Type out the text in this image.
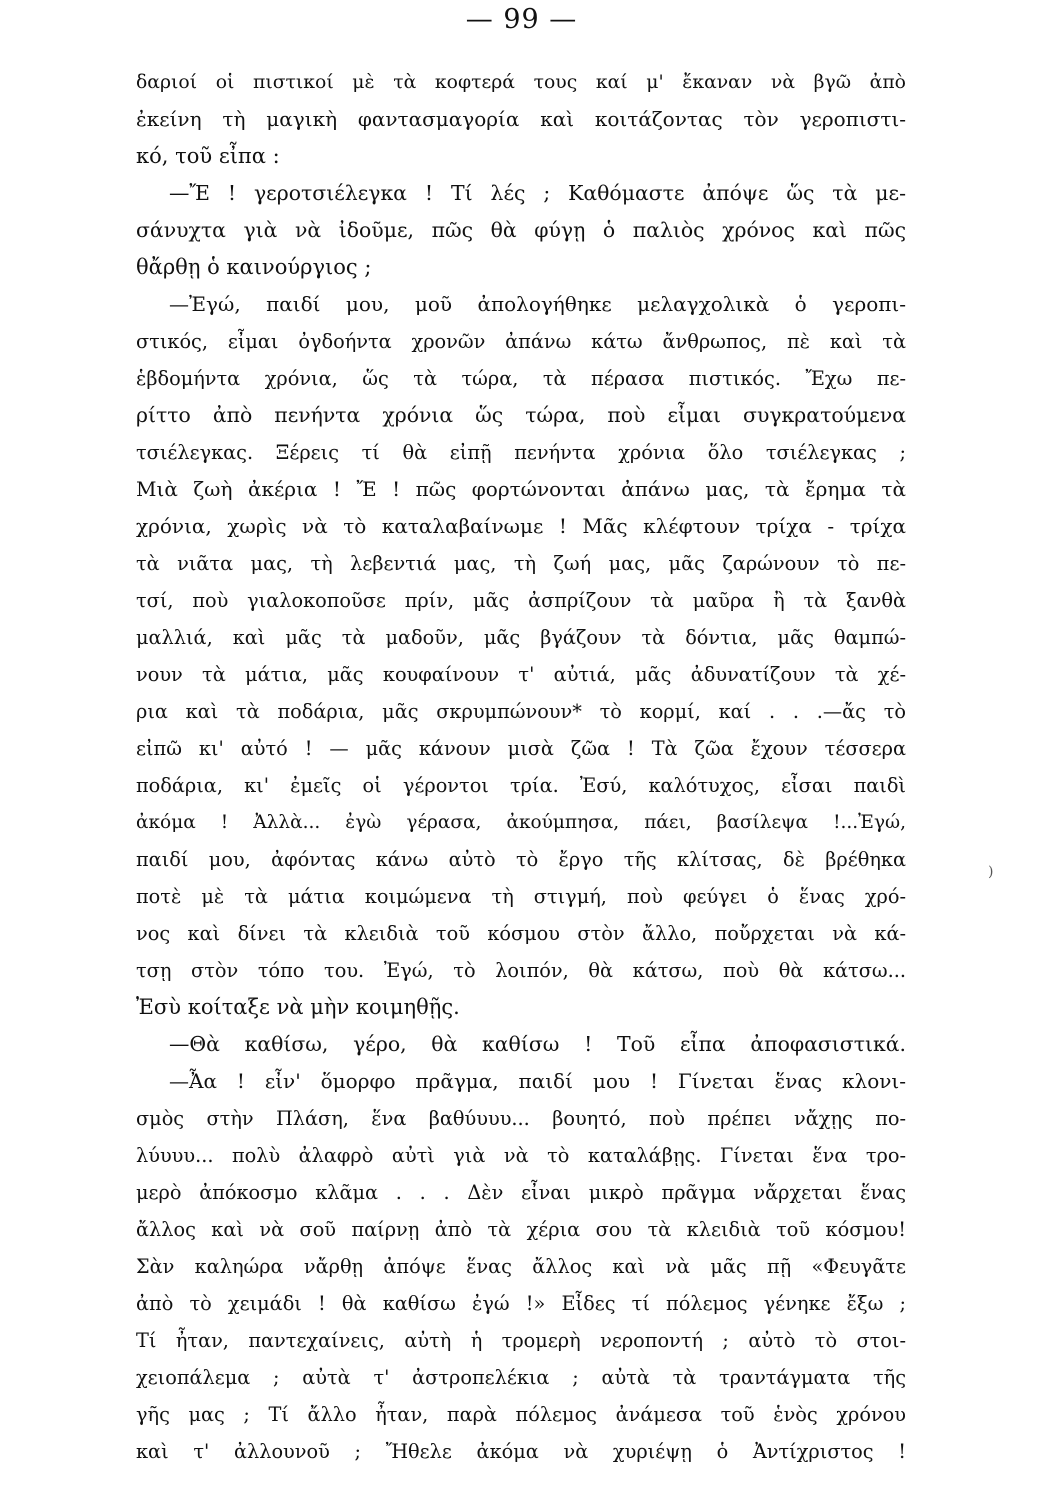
— 99 —
δαριοί οἱ πιστικοί μὲ τὰ κοφτερά τους καί μ' ἔκαναν νὰ βγῶ ἀπὸ
ἐκείνη τὴ μαγικὴ φαντασμαγορία καὶ κοιτάζοντας τὸν γεροπιστι-
κό, τοῦ εἶπα :
—Ἔ ! γεροτσιέλεγκα ! Τί λές ; Καθόμαστε ἀπόψε ὥς τὰ με-
σάνυχτα γιὰ νὰ ἰδοῦμε, πῶς θὰ φύγῃ ὁ παλιὸς χρόνος καὶ πῶς
θἄρθῃ ὁ καινούργιος ;
—Ἐγώ, παιδί μου, μοῦ ἀπολογήθηκε μελαγχολικὰ ὁ γεροπι-
στικός, εἶμαι ὀγδοήντα χρονῶν ἀπάνω κάτω ἄνθρωπος, πὲ καὶ τὰ
ἑβδομήντα χρόνια, ὥς τὰ τώρα, τὰ πέρασα πιστικός. Ἔχω πε-
ρίττο ἀπὸ πενήντα χρόνια ὥς τώρα, ποὺ εἶμαι συγκρατούμενα
τσιέλεγκας. Ξέρεις τί θὰ εἰπῇ πενήντα χρόνια ὅλο τσιέλεγκας ;
Μιὰ ζωὴ ἀκέρια ! Ἔ ! πῶς φορτώνονται ἀπάνω μας, τὰ ἔρημα τὰ
χρόνια, χωρὶς νὰ τὸ καταλαβαίνωμε ! Μᾶς κλέφτουν τρίχα - τρίχα
τὰ νιᾶτα μας, τὴ λεβεντιά μας, τὴ ζωή μας, μᾶς ζαρώνουν τὸ πε-
τσί, ποὺ γιαλοκοποῦσε πρίν, μᾶς ἀσπρίζουν τὰ μαῦρα ἢ τὰ ξανθὰ
μαλλιά, καὶ μᾶς τὰ μαδοῦν, μᾶς βγάζουν τὰ δόντια, μᾶς θαμπώ-
νουν τὰ μάτια, μᾶς κουφαίνουν τ' αὐτιά, μᾶς ἀδυνατίζουν τὰ χέ-
ρια καὶ τὰ ποδάρια, μᾶς σκρυμπώνουν* τὸ κορμί, καί . . .—ἄς τὸ
εἰπῶ κι' αὐτό ! — μᾶς κάνουν μισὰ ζῶα ! Τὰ ζῶα ἔχουν τέσσερα
ποδάρια, κι' ἐμεῖς οἱ γέροντοι τρία. Ἐσύ, καλότυχος, εἶσαι παιδὶ
ἀκόμα ! Ἀλλὰ... ἐγὼ γέρασα, ἀκούμπησα, πάει, βασίλεψα !...Ἐγώ,
παιδί μου, ἀφόντας κάνω αὐτὸ τὸ ἔργο τῆς κλίτσας, δὲ βρέθηκα
ποτὲ μὲ τὰ μάτια κοιμώμενα τὴ στιγμή, ποὺ φεύγει ὁ ἕνας χρό-
νος καὶ δίνει τὰ κλειδιὰ τοῦ κόσμου στὸν ἄλλο, ποὔρχεται νὰ κά-
τσῃ στὸν τόπο του. Ἐγώ, τὸ λοιπόν, θὰ κάτσω, ποὺ θὰ κάτσω...
Ἐσὺ κοίταξε νὰ μὴν κοιμηθῇς.
—Θὰ καθίσω, γέρο, θὰ καθίσω ! Τοῦ εἶπα ἀποφασιστικά.
—Ἆα ! εἶν' ὅμορφο πρᾶγμα, παιδί μου ! Γίνεται ἕνας κλονι-
σμὸς στὴν Πλάση, ἕνα βαθύυυυ... βουητό, ποὺ πρέπει νἄχῃς πο-
λύυυυ... πολὺ ἀλαφρὸ αὐτὶ γιὰ νὰ τὸ καταλάβῃς. Γίνεται ἕνα τρο-
μερὸ ἀπόκοσμο κλᾶμα . . . Δὲν εἶναι μικρὸ πρᾶγμα νἄρχεται ἕνας
ἄλλος καὶ νὰ σοῦ παίρνῃ ἀπὸ τὰ χέρια σου τὰ κλειδιὰ τοῦ κόσμου!
Σὰν καληώρα νἄρθῃ ἀπόψε ἕνας ἄλλος καὶ νὰ μᾶς πῇ «Φευγᾶτε
ἀπὸ τὸ χειμάδι ! θὰ καθίσω ἐγώ !» Εἶδες τί πόλεμος γένηκε ἔξω ;
Τί ἦταν, παντεχαίνεις, αὐτὴ ἡ τρομερὴ νεροποντή ; αὐτὸ τὸ στοι-
χειοπάλεμα ; αὐτὰ τ' ἀστροπελέκια ; αὐτὰ τὰ τραντάγματα τῆς
γῆς μας ; Τί ἄλλο ἦταν, παρὰ πόλεμος ἀνάμεσα τοῦ ἑνὸς χρόνου
καὶ τ' ἀλλουνοῦ ; Ἤθελε ἀκόμα νὰ χυριέψῃ ὁ Ἀντίχριστος !
)
